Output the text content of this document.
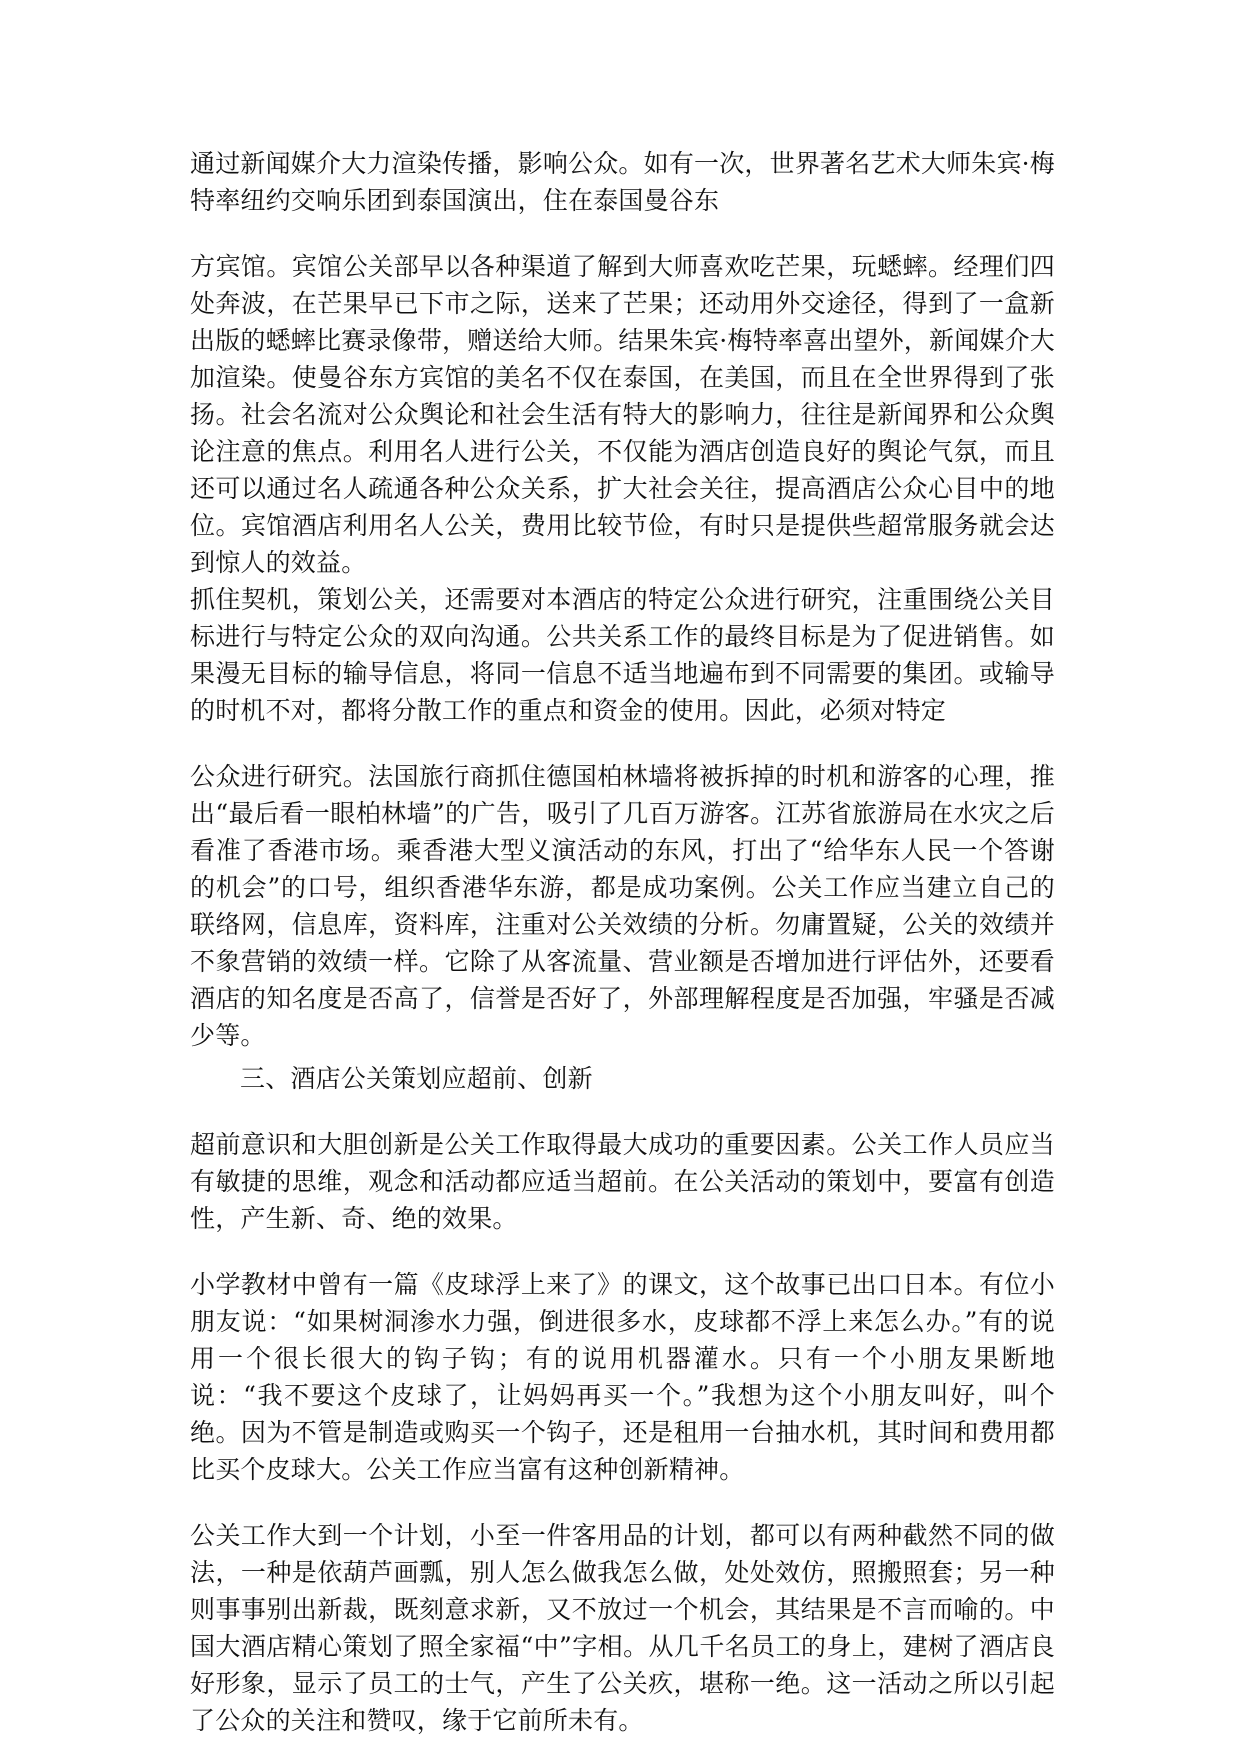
通过新闻媒介大力渲染传播，影响公众。如有一次，世界著名艺术大师朱宾·梅特率纽约交响乐团到泰国演出，住在泰国曼谷东

方宾馆。宾馆公关部早以各种渠道了解到大师喜欢吃芒果，玩蟋蟀。经理们四处奔波，在芒果早已下市之际，送来了芒果；还动用外交途径，得到了一盒新出版的蟋蟀比赛录像带，赠送给大师。结果朱宾·梅特率喜出望外，新闻媒介大加渲染。使曼谷东方宾馆的美名不仅在泰国，在美国，而且在全世界得到了张扬。社会名流对公众舆论和社会生活有特大的影响力，往往是新闻界和公众舆论注意的焦点。利用名人进行公关，不仅能为酒店创造良好的舆论气氛，而且还可以通过名人疏通各种公众关系，扩大社会关往，提高酒店公众心目中的地位。宾馆酒店利用名人公关，费用比较节俭，有时只是提供些超常服务就会达到惊人的效益。

抓住契机，策划公关，还需要对本酒店的特定公众进行研究，注重围绕公关目标进行与特定公众的双向沟通。公共关系工作的最终目标是为了促进销售。如果漫无目标的输导信息，将同一信息不适当地遍布到不同需要的集团。或输导的时机不对，都将分散工作的重点和资金的使用。因此，必须对特定

公众进行研究。法国旅行商抓住德国柏林墙将被拆掉的时机和游客的心理，推出“最后看一眼柏林墙”的广告，吸引了几百万游客。江苏省旅游局在水灾之后看准了香港市场。乘香港大型义演活动的东风，打出了“给华东人民一个答谢的机会”的口号，组织香港华东游，都是成功案例。公关工作应当建立自己的联络网，信息库，资料库，注重对公关效绩的分析。勿庸置疑，公关的效绩并不象营销的效绩一样。它除了从客流量、营业额是否增加进行评估外，还要看酒店的知名度是否高了，信誉是否好了，外部理解程度是否加强，牢骚是否减少等。

三、酒店公关策划应超前、创新

超前意识和大胆创新是公关工作取得最大成功的重要因素。公关工作人员应当有敏捷的思维，观念和活动都应适当超前。在公关活动的策划中，要富有创造性，产生新、奇、绝的效果。

小学教材中曾有一篇《皮球浮上来了》的课文，这个故事已出口日本。有位小朋友说：“如果树洞渗水力强，倒进很多水，皮球都不浮上来怎么办。”有的说用一个很长很大的钩子钩；有的说用机器灌水。只有一个小朋友果断地说：“我不要这个皮球了，让妈妈再买一个。”我想为这个小朋友叫好，叫个绝。因为不管是制造或购买一个钩子，还是租用一台抽水机，其时间和费用都比买个皮球大。公关工作应当富有这种创新精神。

公关工作大到一个计划，小至一件客用品的计划，都可以有两种截然不同的做法，一种是依葫芦画瓢，别人怎么做我怎么做，处处效仿，照搬照套；另一种则事事别出新裁，既刻意求新，又不放过一个机会，其结果是不言而喻的。中国大酒店精心策划了照全家福“中”字相。从几千名员工的身上，建树了酒店良好形象，显示了员工的士气，产生了公关疚，堪称一绝。这一活动之所以引起了公众的关注和赞叹，缘于它前所未有。
